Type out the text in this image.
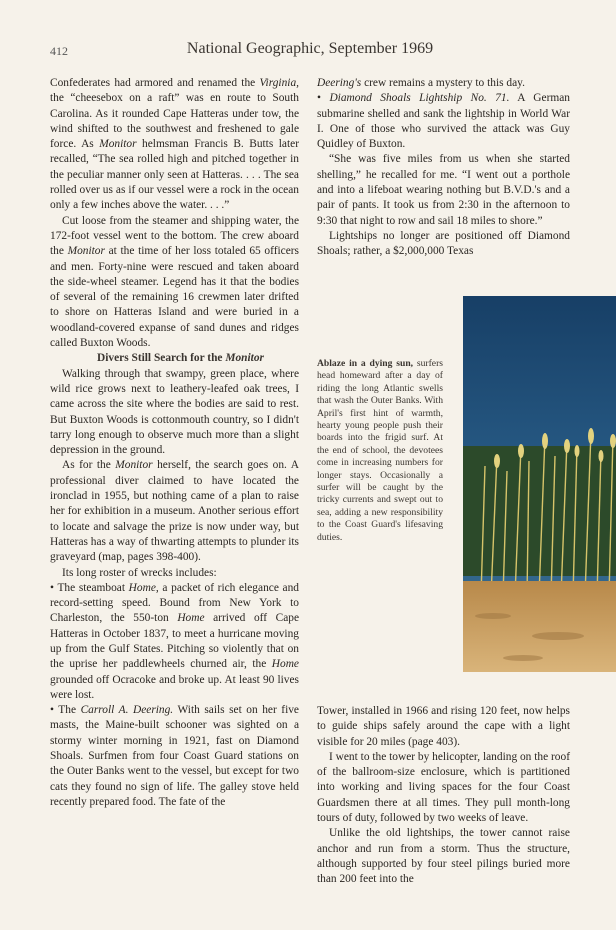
412	National Geographic, September 1969

Confederates had armored and renamed the Virginia, the “cheesebox on a raft” was en route to South Carolina. As it rounded Cape Hatteras under tow, the wind shifted to the southwest and freshened to gale force. As Monitor helmsman Francis B. Butts later recalled, “The sea rolled high and pitched together in the peculiar manner only seen at Hatteras. . . . The sea rolled over us as if our vessel were a rock in the ocean only a few inches above the water. . . .”

Cut loose from the steamer and shipping water, the 172-foot vessel went to the bottom. The crew aboard the Monitor at the time of her loss totaled 65 officers and men. Forty-nine were rescued and taken aboard the side-wheel steamer. Legend has it that the bodies of several of the remaining 16 crewmen later drifted to shore on Hatteras Island and were buried in a woodland-covered expanse of sand dunes and ridges called Buxton Woods.

Divers Still Search for the Monitor

Walking through that swampy, green place, where wild rice grows next to leathery-leafed oak trees, I came across the site where the bodies are said to rest. But Buxton Woods is cottonmouth country, so I didn't tarry long enough to observe much more than a slight depression in the ground.

As for the Monitor herself, the search goes on. A professional diver claimed to have located the ironclad in 1955, but nothing came of a plan to raise her for exhibition in a museum. Another serious effort to locate and salvage the prize is now under way, but Hatteras has a way of thwarting attempts to plunder its graveyard (map, pages 398-400).

Its long roster of wrecks includes:

• The steamboat Home, a packet of rich elegance and record-setting speed. Bound from New York to Charleston, the 550-ton Home arrived off Cape Hatteras in October 1837, to meet a hurricane moving up from the Gulf States. Pitching so violently that on the uprise her paddlewheels churned air, the Home grounded off Ocracoke and broke up. At least 90 lives were lost.

• The Carroll A. Deering. With sails set on her five masts, the Maine-built schooner was sighted on a stormy winter morning in 1921, fast on Diamond Shoals. Surfmen from four Coast Guard stations on the Outer Banks went to the vessel, but except for two cats they found no sign of life. The galley stove held recently prepared food. The fate of the

Deering's crew remains a mystery to this day.

• Diamond Shoals Lightship No. 71. A German submarine shelled and sank the lightship in World War I. One of those who survived the attack was Guy Quidley of Buxton.

“She was five miles from us when she started shelling,” he recalled for me. “I went out a porthole and into a lifeboat wearing nothing but B.V.D.'s and a pair of pants. It took us from 2:30 in the afternoon to 9:30 that night to row and sail 18 miles to shore.”

Lightships no longer are positioned off Diamond Shoals; rather, a $2,000,000 Texas

Ablaze in a dying sun, surfers head homeward after a day of riding the long Atlantic swells that wash the Outer Banks. With April's first hint of warmth, hearty young people push their boards into the frigid surf. At the end of school, the devotees come in increasing numbers for longer stays. Occasionally a surfer will be caught by the tricky currents and swept out to sea, adding a new responsibility to the Coast Guard's lifesaving duties.

Tower, installed in 1966 and rising 120 feet, now helps to guide ships safely around the cape with a light visible for 20 miles (page 403).

I went to the tower by helicopter, landing on the roof of the ballroom-size enclosure, which is partitioned into working and living spaces for the four Coast Guardsmen there at all times. They pull month-long tours of duty, followed by two weeks of leave.

Unlike the old lightships, the tower cannot raise anchor and run from a storm. Thus the structure, although supported by four steel pilings buried more than 200 feet into the
